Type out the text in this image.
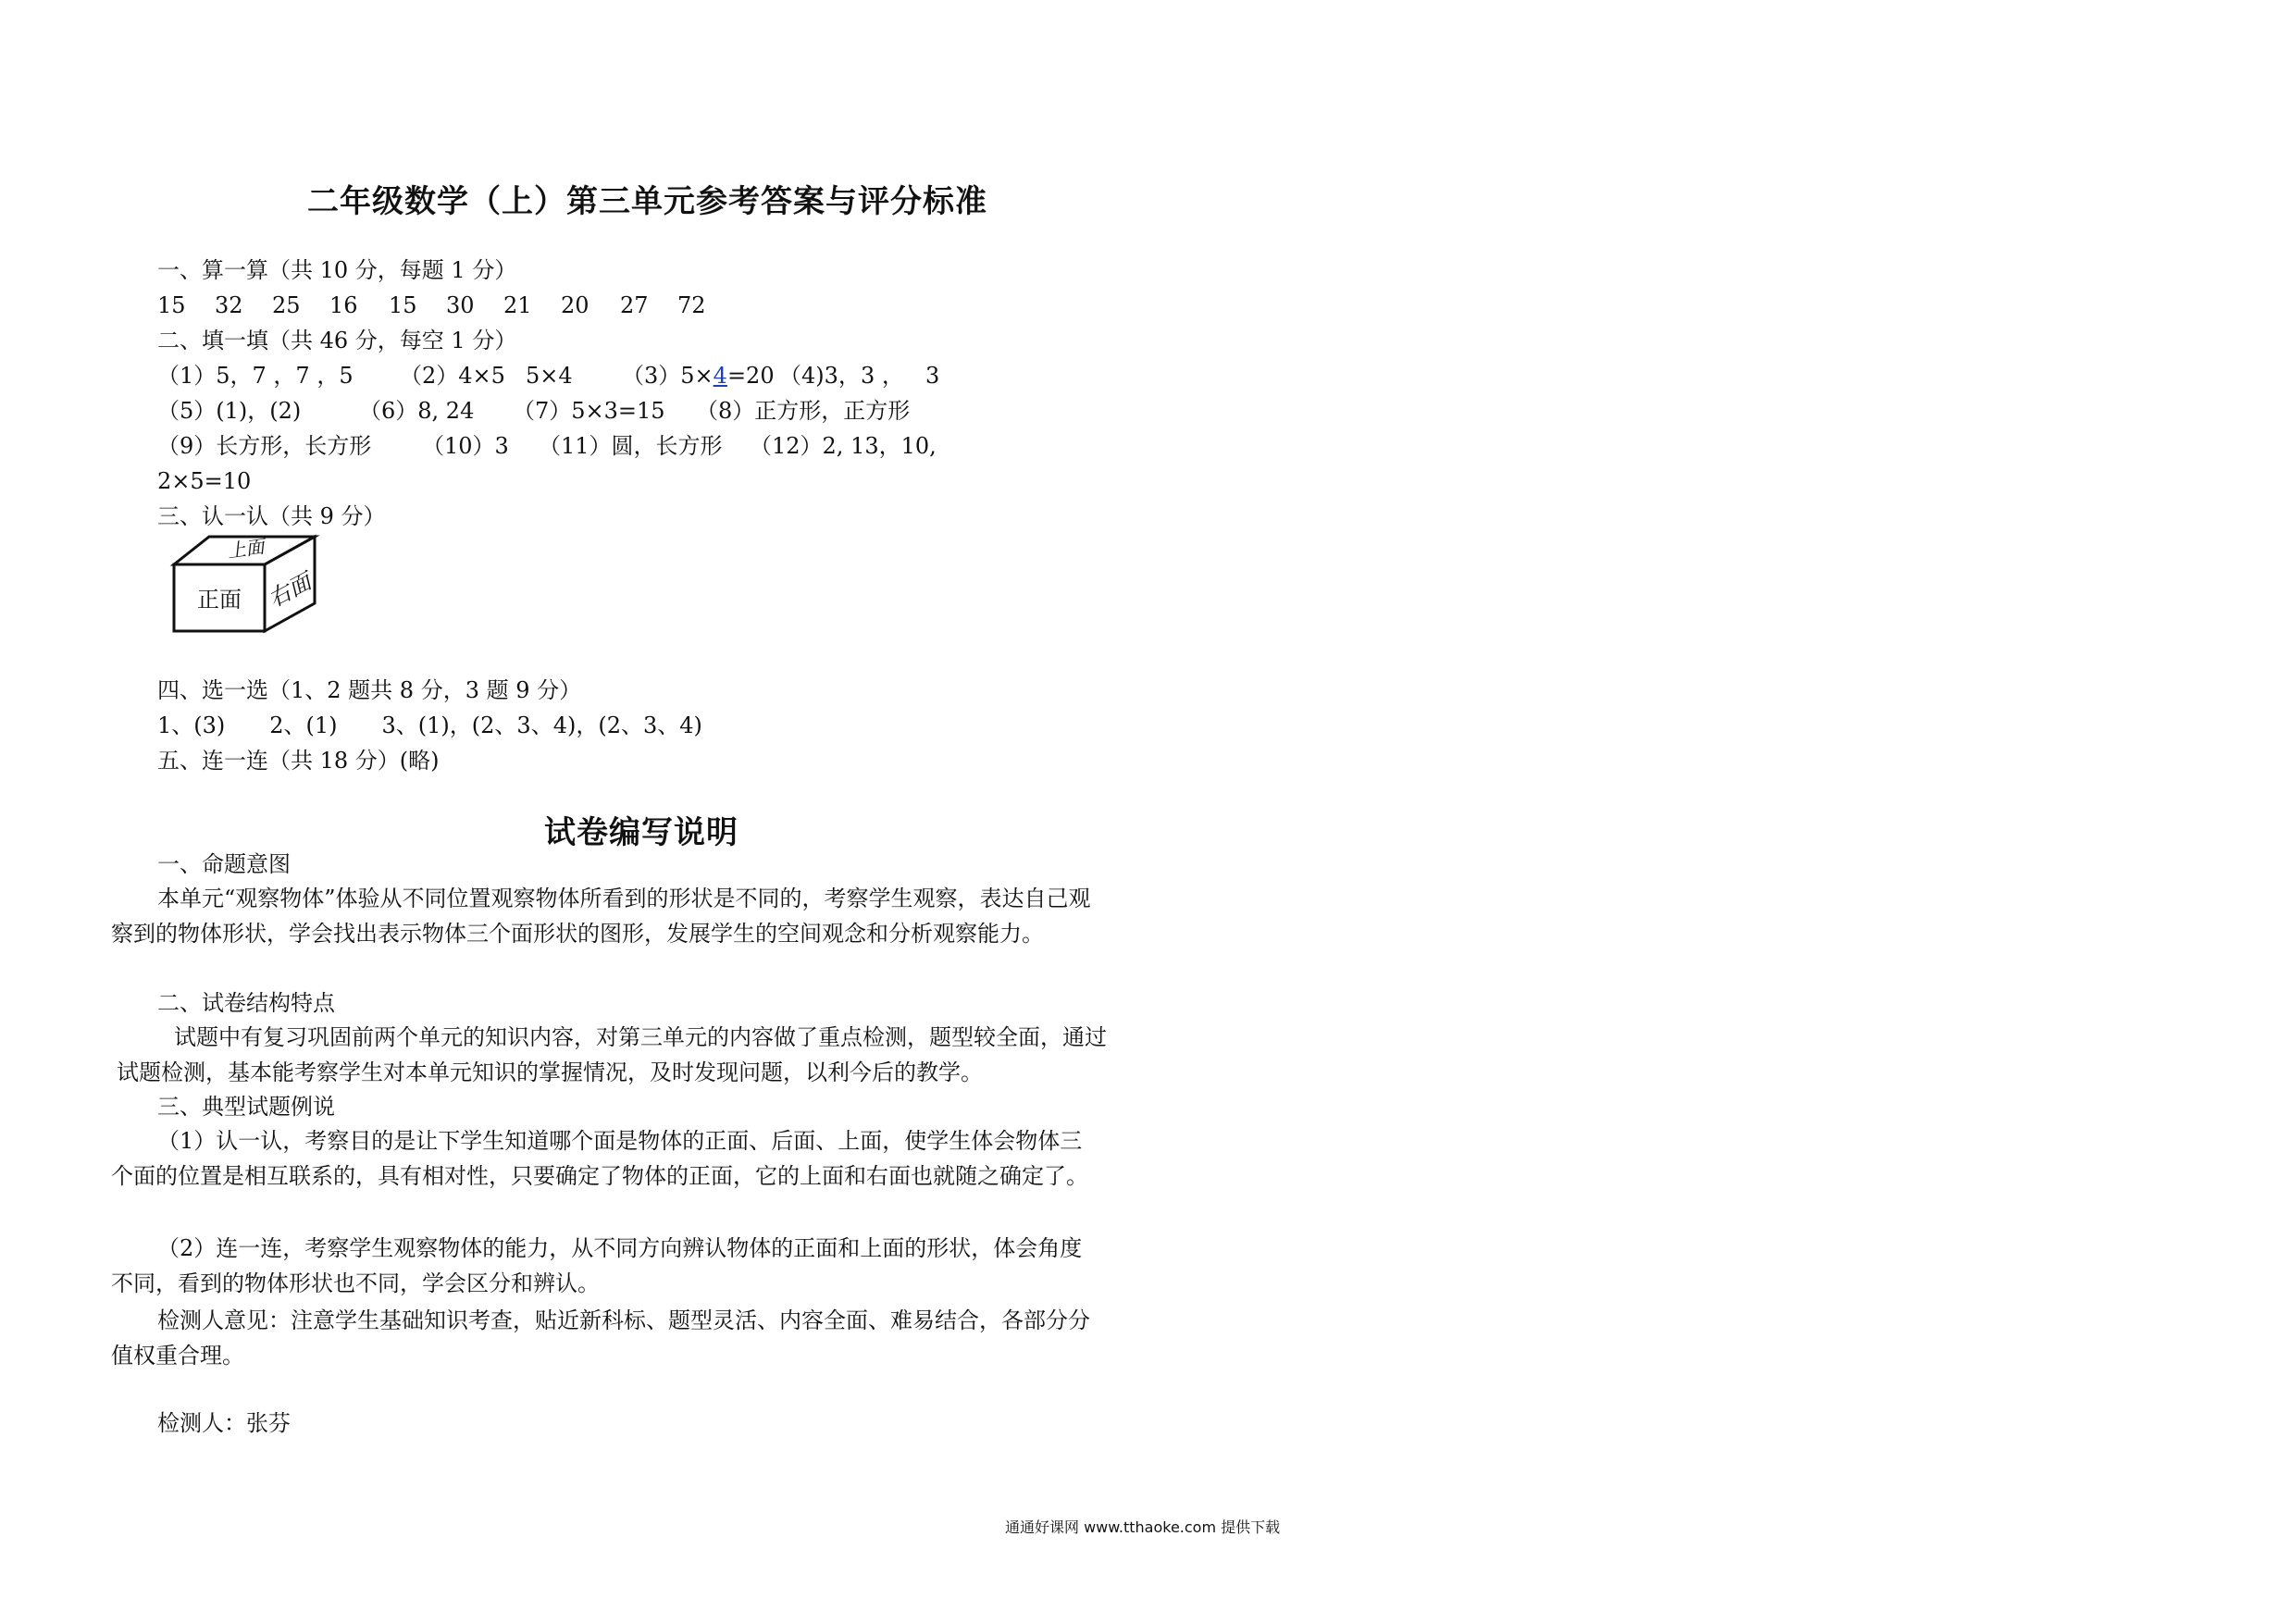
二年级数学（上）第三单元参考答案与评分标准
一、算一算（共 10 分，每题 1 分）
15 32 25 16 15 30 21 20 27 72
二、填一填（共 46 分，每空 1 分）
（1）5，7 ，7 ，5 （2）4×5 5×4 （3）5×4=20 （4)3， 3 ， 3
（5）(1)，(2)	（6）8, 24 （7）5×3=15 （8）正方形，正方形
（9）长方形，长方形 （10）3 （11）圆，长方形 （12）2, 13，10,
2×5=10
三、认一认（共 9 分）
上面
正面 右面
四、选一选（1、2 题共 8 分，3 题 9 分）
1、(3)　　2、(1)　　3、(1)，(2、3、4)，(2、3、4)
五、连一连（共 18 分）(略)
试卷编写说明
一、命题意图
本单元“观察物体”体验从不同位置观察物体所看到的形状是不同的，考察学生观察，表达自己观察到的物体形状，学会找出表示物体三个面形状的图形，发展学生的空间观念和分析观察能力。
二、试卷结构特点
试题中有复习巩固前两个单元的知识内容，对第三单元的内容做了重点检测，题型较全面，通过试题检测，基本能考察学生对本单元知识的掌握情况，及时发现问题，以利今后的教学。
三、典型试题例说
（1）认一认，考察目的是让下学生知道哪个面是物体的正面、后面、上面，使学生体会物体三个面的位置是相互联系的，具有相对性，只要确定了物体的正面，它的上面和右面也就随之确定了。
（2）连一连，考察学生观察物体的能力，从不同方向辨认物体的正面和上面的形状，体会角度不同，看到的物体形状也不同，学会区分和辨认。
检测人意见：注意学生基础知识考查，贴近新科标、题型灵活、内容全面、难易结合，各部分分值权重合理。
检测人：张芬
通通好课网 www.tthaoke.com 提供下载
